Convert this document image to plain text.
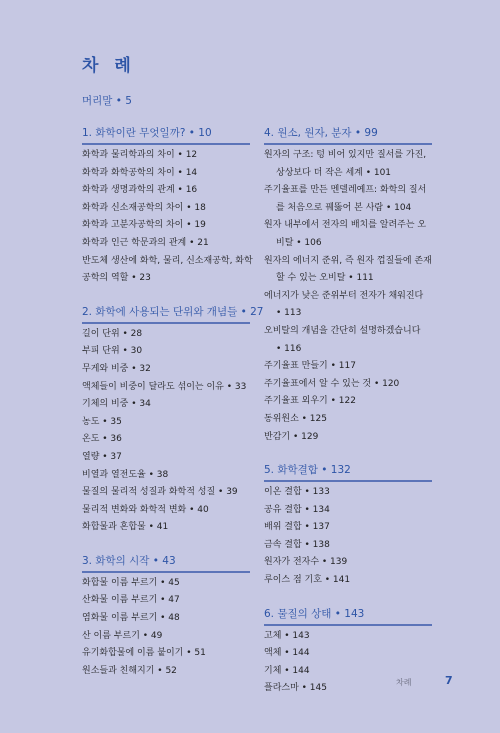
차 례
머리말 • 5
1. 화학이란 무엇일까? • 10
화학과 물리학과의 차이 • 12
화학과 화학공학의 차이 • 14
화학과 생명과학의 관계 • 16
화학과 신소재공학의 차이 • 18
화학과 고분자공학의 차이 • 19
화학과 인근 학문과의 관계 • 21
반도체 생산에 화학, 물리, 신소재공학, 화학
공학의 역할 • 23
2. 화학에 사용되는 단위와 개념들 • 27
길이 단위 • 28
부피 단위 • 30
무게와 비중 • 32
액체들이 비중이 달라도 섞이는 이유 • 33
기체의 비중 • 34
농도 • 35
온도 • 36
열량 • 37
비열과 열전도율 • 38
물질의 물리적 성질과 화학적 성질 • 39
물리적 변화와 화학적 변화 • 40
화합물과 혼합물 • 41
3. 화학의 시작 • 43
화합물 이름 부르기 • 45
산화물 이름 부르기 • 47
염화물 이름 부르기 • 48
산 이름 부르기 • 49
유기화합물에 이름 붙이기 • 51
원소들과 친해지기 • 52
4. 원소, 원자, 분자 • 99
원자의 구조: 텅 비어 있지만 질서를 가진,
상상보다 더 작은 세계 • 101
주기율표를 만든 멘델레예프: 화학의 질서
를 처음으로 꿰뚫어 본 사람 • 104
원자 내부에서 전자의 배치를 알려주는 오
비탈 • 106
원자의 에너지 준위, 즉 원자 껍질들에 존재
할 수 있는 오비탈 • 111
에너지가 낮은 준위부터 전자가 채워진다
• 113
오비탈의 개념을 간단히 설명하겠습니다
• 116
주기율표 만들기 • 117
주기율표에서 알 수 있는 것 • 120
주기율표 외우기 • 122
동위원소 • 125
반감기 • 129
5. 화학결합 • 132
이온 결합 • 133
공유 결합 • 134
배위 결합 • 137
금속 결합 • 138
원자가 전자수 • 139
루이스 점 기호 • 141
6. 물질의 상태 • 143
고체 • 143
액체 • 144
기체 • 144
플라스마 • 145
차례	7
